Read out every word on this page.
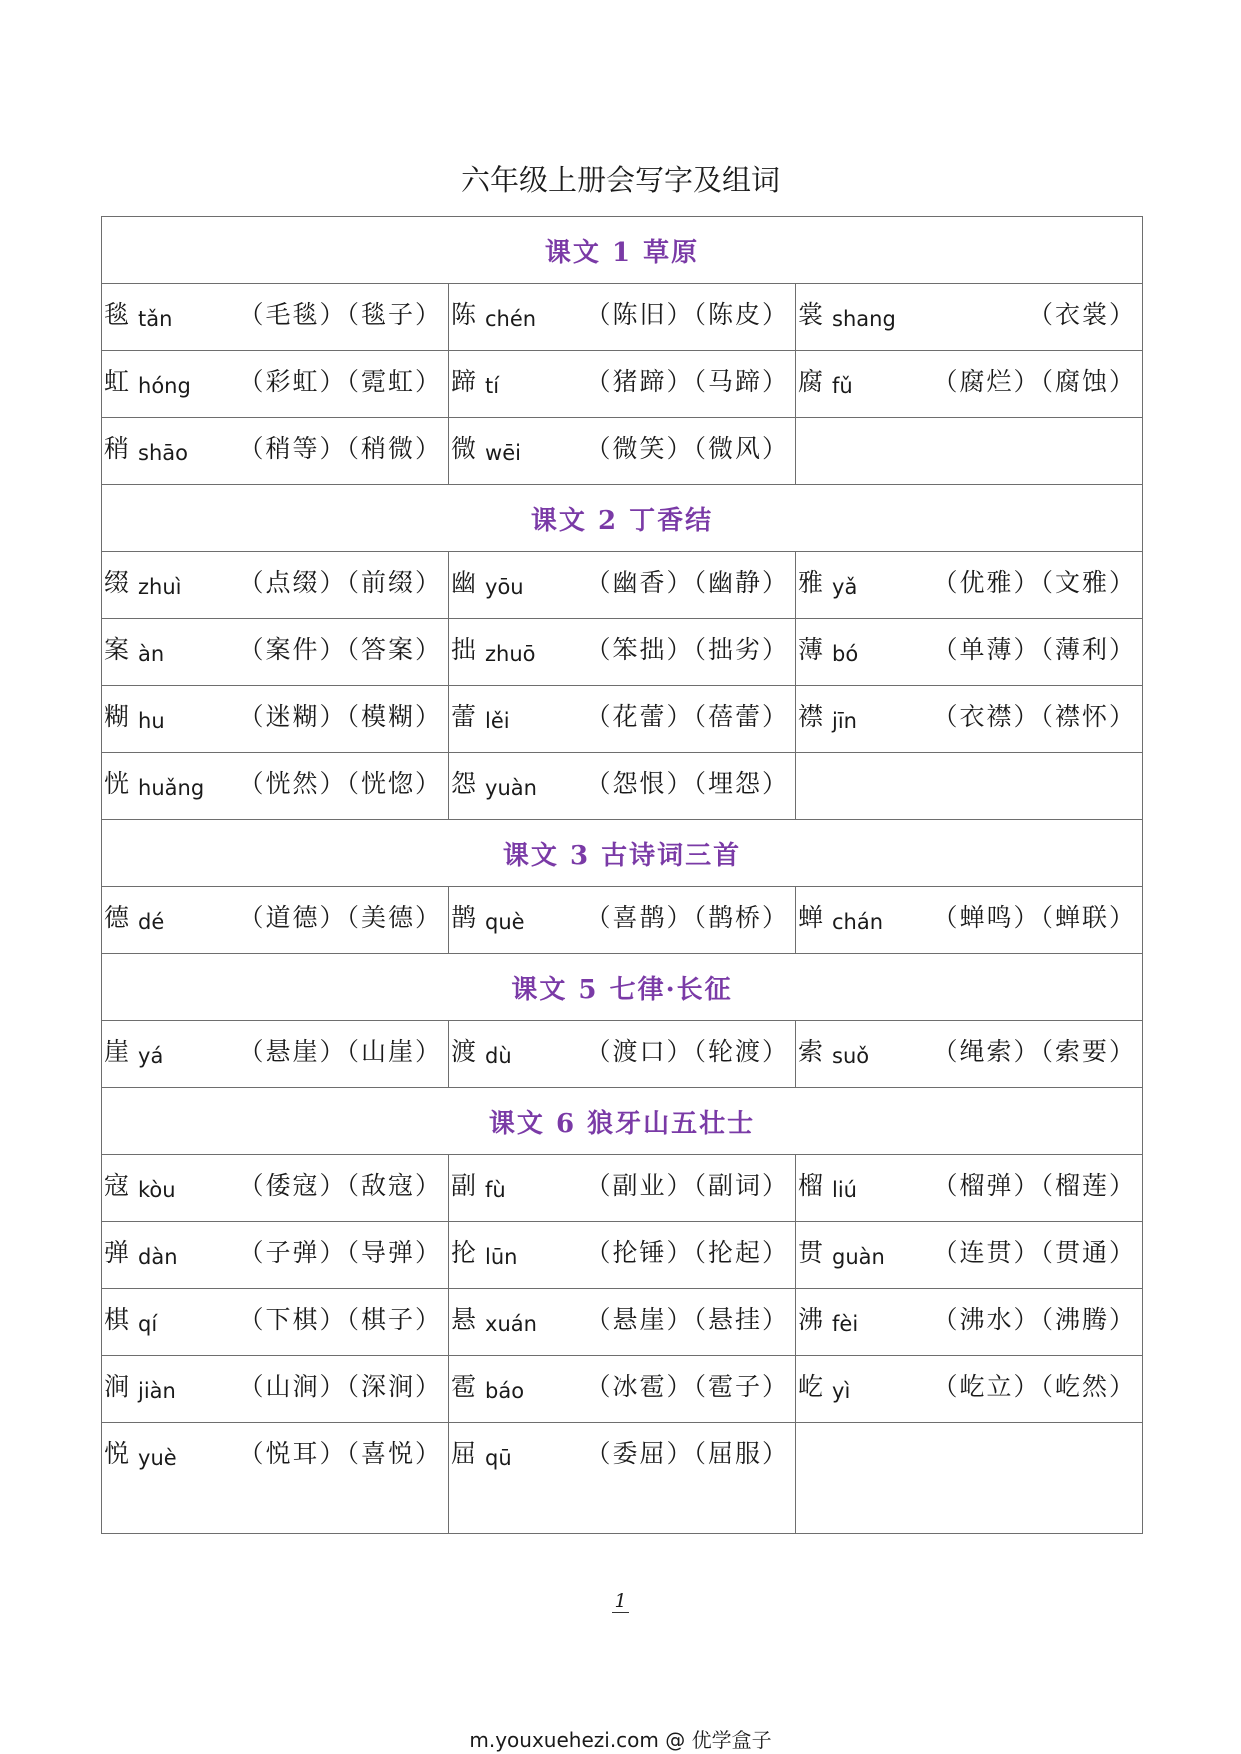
六年级上册会写字及组词
课文 1 草原		

毯 tǎn （毛毯）（毯子）	陈 chén （陈旧）（陈皮）	裳 shang （衣裳）

虹 hóng （彩虹）（霓虹）	蹄 tí （猪蹄）（马蹄）	腐 fǔ （腐烂）（腐蚀）

稍 shāo （稍等）（稍微）	微 wēi （微笑）（微风）	

课文 2 丁香结		

缀 zhuì （点缀）（前缀）	幽 yōu （幽香）（幽静）	雅 yǎ （优雅）（文雅）

案 àn （案件）（答案）	拙 zhuō （笨拙）（拙劣）	薄 bó （单薄）（薄利）

糊 hu （迷糊）（模糊）	蕾 lěi （花蕾）（蓓蕾）	襟 jīn （衣襟）（襟怀）

恍 huǎng （恍然）（恍惚）	怨 yuàn （怨恨）（埋怨）	

课文 3 古诗词三首		

德 dé （道德）（美德）	鹊 què （喜鹊）（鹊桥）	蝉 chán （蝉鸣）（蝉联）

课文 5 七律·长征		

崖 yá （悬崖）（山崖）	渡 dù （渡口）（轮渡）	索 suǒ （绳索）（索要）

课文 6 狼牙山五壮士		

寇 kòu （倭寇）（敌寇）	副 fù （副业）（副词）	榴 liú （榴弹）（榴莲）

弹 dàn （子弹）（导弹）	抡 lūn （抡锤）（抡起）	贯 guàn （连贯）（贯通）

棋 qí （下棋）（棋子）	悬 xuán （悬崖）（悬挂）	沸 fèi （沸水）（沸腾）

涧 jiàn （山涧）（深涧）	雹 báo （冰雹）（雹子）	屹 yì （屹立）（屹然）

悦 yuè （悦耳）（喜悦）	屈 qū （委屈）（屈服）	

1
m.youxuehezi.com @ 优学盒子
